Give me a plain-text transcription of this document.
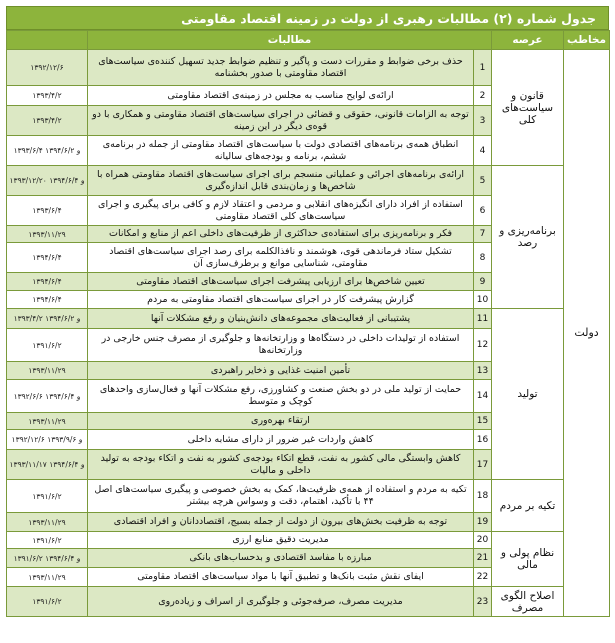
جدول شماره (۲) مطالبات رهبری از دولت در زمینه اقتصاد مقاومتی
مخاطب	عرصه	مطالبات		
دولت	قانون و سیاست‌های کلی	1	حذف برخی ضوابط و مقررات دست و پاگیر و تنظیم ضوابط جدید تسهیل کننده‌ی سیاست‌های اقتصاد مقاومتی با صدور بخشنامه	۱۳۹۲/۱۲/۶
		2	ارائه‌ی لوایح مناسب به مجلس در زمینه‌ی اقتصاد مقاومتی	۱۳۹۳/۴/۲
		3	توجه به الزامات قانونی، حقوقی و قضائی در اجرای سیاست‌های اقتصاد مقاومتی و همکاری با دو قوه‌ی دیگر در این زمینه	۱۳۹۳/۴/۲
		4	انطباق همه‌ی برنامه‌های اقتصادی دولت با سیاست‌های اقتصاد مقاومتی از جمله در برنامه‌ی ششم، برنامه و بودجه‌های سالیانه	۱۳۹۳/۶/۴ و ۱۳۹۴/۶/۲
	برنامه‌ریزی و رصد	5	ارائه‌ی برنامه‌های اجرائی و عملیاتی منسجم برای اجرای سیاست‌های اقتصاد مقاومتی همراه با شاخص‌ها و زمان‌بندی قابل اندازه‌گیری	۱۳۹۳/۱۲/۲۰ و ۱۳۹۴/۶/۴
		6	استفاده از افراد دارای انگیزه‌های انقلابی و مردمی و اعتقاد لازم و کافی برای پیگیری و اجرای سیاست‌های کلی اقتصاد مقاومتی	۱۳۹۳/۶/۴
		7	فکر و برنامه‌ریزی برای استفاده‌ی حداکثری از ظرفیت‌های داخلی اعم از منابع و امکانات	۱۳۹۳/۱۱/۲۹
		8	تشکیل ستاد فرماندهی قوی، هوشمند و نافذالکلمه برای رصد اجرای سیاست‌های اقتصاد مقاومتی، شناسایی موانع و برطرف‌سازی آن	۱۳۹۴/۶/۴
		9	تعیین شاخص‌ها برای ارزیابی پیشرفت اجرای سیاست‌های اقتصاد مقاومتی	۱۳۹۴/۶/۴
		10	گزارش پیشرفت کار در اجرای سیاست‌های اقتصاد مقاومتی به مردم	۱۳۹۴/۶/۴
	تولید	11	پشتیبانی از فعالیت‌های مجموعه‌های دانش‌بنیان و رفع مشکلات آنها	۱۳۹۳/۴/۲ و ۱۳۹۴/۶/۲
		12	استفاده از تولیدات داخلی در دستگاه‌ها و وزارتخانه‌ها و جلوگیری از مصرف جنس خارجی در وزارتخانه‌ها	۱۳۹۱/۶/۲
		13	تأمین امنیت غذایی و ذخایر راهبردی	۱۳۹۳/۱۱/۲۹
		14	حمایت از تولید ملی در دو بخش صنعت و کشاورزی، رفع مشکلات آنها و فعال‌سازی واحدهای کوچک و متوسط	۱۳۹۲/۶/۶ و ۱۳۹۴/۶/۴
		15	ارتقاء بهره‌وری	۱۳۹۳/۱۱/۲۹
		16	کاهش واردات غیر ضرور از دارای مشابه داخلی	۱۳۹۲/۱۲/۶ و ۱۳۹۳/۹/۶
		17	کاهش وابستگی مالی کشور به نفت، قطع اتکاء بودجه‌ی کشور به نفت و اتکاء بودجه به تولید داخلی و مالیات	۱۳۹۳/۱۱/۱۷ و ۱۳۹۴/۶/۴
	تکیه بر مردم	18	تکیه به مردم و استفاده از همه‌ی ظرفیت‌ها، کمک به بخش خصوصی و پیگیری سیاست‌های اصل ۴۴ با تأکید، اهتمام، دقت و وسواس هرچه بیشتر	۱۳۹۱/۶/۲
		19	توجه به ظرفیت بخش‌های بیرون از دولت از جمله بسیج، اقتصاددانان و افراد اقتصادی	۱۳۹۳/۱۱/۲۹
	نظام پولی و مالی	20	مدیریت دقیق منابع ارزی	۱۳۹۱/۶/۲
		21	مبارزه با مفاسد اقتصادی و بدحساب‌های بانکی	۱۳۹۱/۶/۲ و ۱۳۹۴/۶/۴
		22	ایفای نقش مثبت بانک‌ها و تطبیق آنها با مواد سیاست‌های اقتصاد مقاومتی	۱۳۹۳/۱۱/۲۹
	اصلاح الگوی مصرف	23	مدیریت مصرف، صرفه‌جوئی و جلوگیری از اسراف و زیاده‌روی	۱۳۹۱/۶/۲
